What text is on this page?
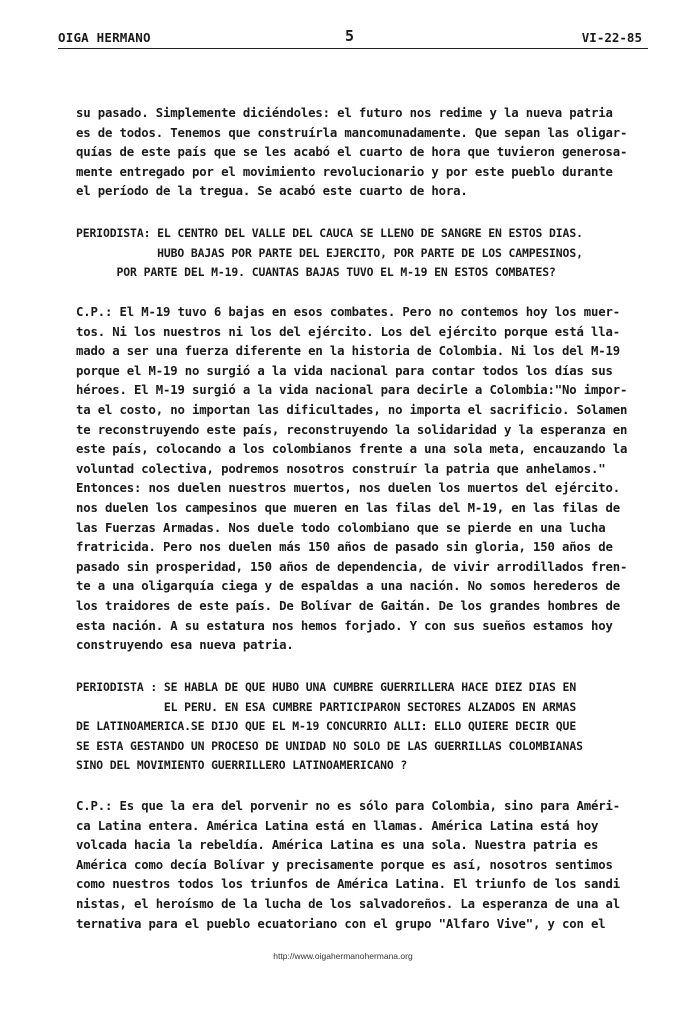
OIGA HERMANO	5	VI-22-85
su pasado. Simplemente diciéndoles: el futuro nos redime y la nueva patria
es de todos. Tenemos que construírla mancomunadamente. Que sepan las oligar-
quías de este país que se les acabó el cuarto de hora que tuvieron generosa-
mente entregado por el movimiento revolucionario y por este pueblo durante
el período de la tregua. Se acabó este cuarto de hora.
PERIODISTA: EL CENTRO DEL VALLE DEL CAUCA SE LLENO DE SANGRE EN ESTOS DIAS.
HUBO BAJAS POR PARTE DEL EJERCITO, POR PARTE DE LOS CAMPESINOS,
POR PARTE DEL M-19. CUANTAS BAJAS TUVO EL M-19 EN ESTOS COMBATES?
C.P.: El M-19 tuvo 6 bajas en esos combates. Pero no contemos hoy los muer-
tos. Ni los nuestros ni los del ejército. Los del ejército porque está lla-
mado a ser una fuerza diferente en la historia de Colombia. Ni los del M-19
porque el M-19 no surgió a la vida nacional para contar todos los días sus
héroes. El M-19 surgió a la vida nacional para decirle a Colombia:"No impor-
ta el costo, no importan las dificultades, no importa el sacrificio. Solamen
te reconstruyendo este país, reconstruyendo la solidaridad y la esperanza en
este país, colocando a los colombianos frente a una sola meta, encauzando la
voluntad colectiva, podremos nosotros construír la patria que anhelamos."
Entonces: nos duelen nuestros muertos, nos duelen los muertos del ejército.
nos duelen los campesinos que mueren en las filas del M-19, en las filas de
las Fuerzas Armadas. Nos duele todo colombiano que se pierde en una lucha
fratricida. Pero nos duelen más 150 años de pasado sin gloria, 150 años de
pasado sin prosperidad, 150 años de dependencia, de vivir arrodillados fren-
te a una oligarquía ciega y de espaldas a una nación. No somos herederos de
los traidores de este país. De Bolívar de Gaitán. De los grandes hombres de
esta nación. A su estatura nos hemos forjado. Y con sus sueños estamos hoy
construyendo esa nueva patria.
PERIODISTA : SE HABLA DE QUE HUBO UNA CUMBRE GUERRILLERA HACE DIEZ DIAS EN
EL PERU. EN ESA CUMBRE PARTICIPARON SECTORES ALZADOS EN ARMAS
DE LATINOAMERICA.SE DIJO QUE EL M-19 CONCURRIO ALLI: ELLO QUIERE DECIR QUE
SE ESTA GESTANDO UN PROCESO DE UNIDAD NO SOLO DE LAS GUERRILLAS COLOMBIANAS
SINO DEL MOVIMIENTO GUERRILLERO LATINOAMERICANO ?
C.P.: Es que la era del porvenir no es sólo para Colombia, sino para Améri-
ca Latina entera. América Latina está en llamas. América Latina está hoy
volcada hacia la rebeldía. América Latina es una sola. Nuestra patria es
América como decía Bolívar y precisamente porque es así, nosotros sentimos
como nuestros todos los triunfos de América Latina. El triunfo de los sandi
nistas, el heroísmo de la lucha de los salvadoreños. La esperanza de una al
ternativa para el pueblo ecuatoriano con el grupo "Alfaro Vive", y con el
http://www.oigahermanohermana.org
